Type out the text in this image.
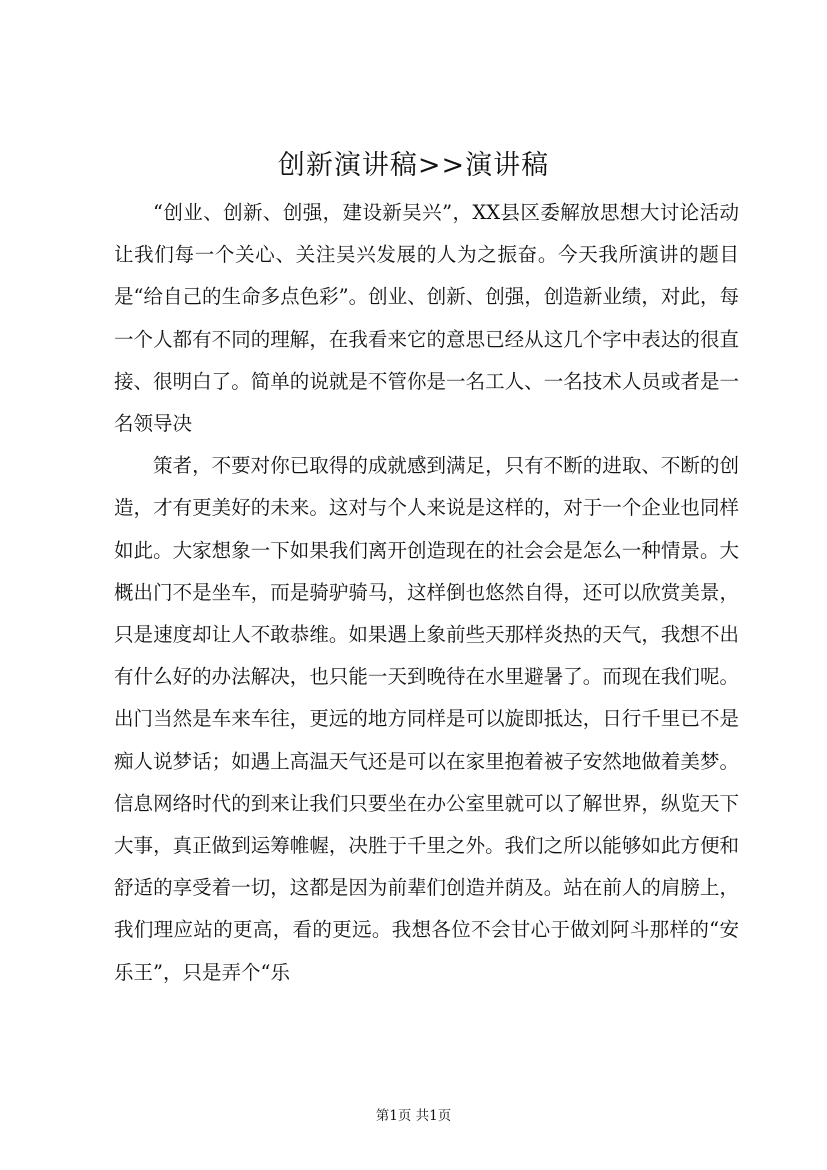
创新演讲稿>>演讲稿

“创业、创新、创强，建设新吴兴”，XX县区委解放思想大讨论活动让我们每一个关心、关注吴兴发展的人为之振奋。今天我所演讲的题目是“给自己的生命多点色彩”。创业、创新、创强，创造新业绩，对此，每一个人都有不同的理解，在我看来它的意思已经从这几个字中表达的很直接、很明白了。简单的说就是不管你是一名工人、一名技术人员或者是一名领导决

策者，不要对你已取得的成就感到满足，只有不断的进取、不断的创造，才有更美好的未来。这对与个人来说是这样的，对于一个企业也同样如此。大家想象一下如果我们离开创造现在的社会会是怎么一种情景。大概出门不是坐车，而是骑驴骑马，这样倒也悠然自得，还可以欣赏美景，只是速度却让人不敢恭维。如果遇上象前些天那样炎热的天气，我想不出有什么好的办法解决，也只能一天到晚待在水里避暑了。而现在我们呢。出门当然是车来车往，更远的地方同样是可以旋即抵达，日行千里已不是痴人说梦话；如遇上高温天气还是可以在家里抱着被子安然地做着美梦。信息网络时代的到来让我们只要坐在办公室里就可以了解世界，纵览天下大事，真正做到运筹帷幄，决胜于千里之外。我们之所以能够如此方便和舒适的享受着一切，这都是因为前辈们创造并荫及。站在前人的肩膀上，我们理应站的更高，看的更远。我想各位不会甘心于做刘阿斗那样的“安乐王”，只是弄个“乐

第1页 共1页
